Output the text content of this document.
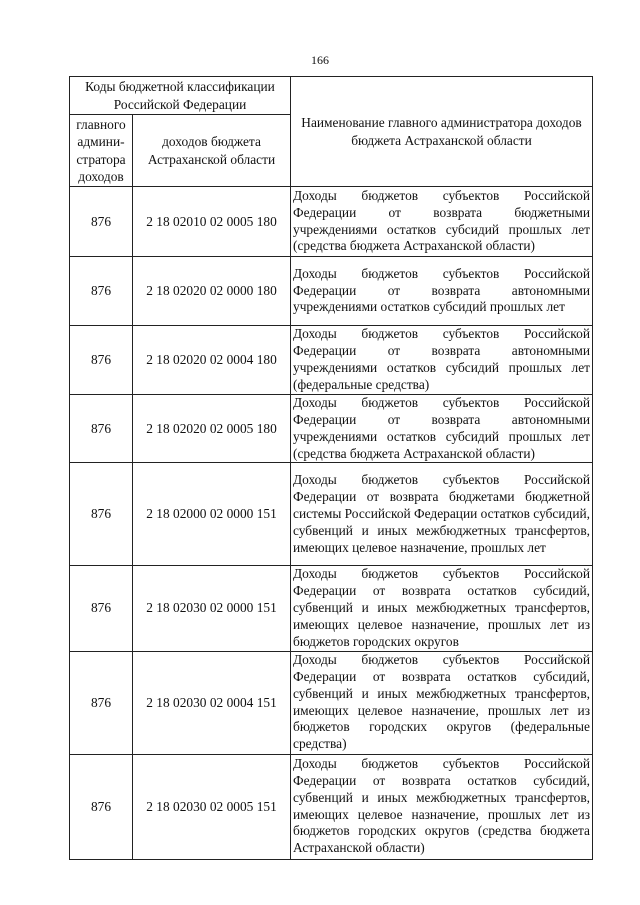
166
Коды бюджетной классификации Российской Федерации		Наименование главного администратора доходов бюджета Астраханской области
главного админи-стратора доходов	доходов бюджета Астраханской области	
876	2 18 02010 02 0005 180	Доходы бюджетов субъектов Российской Федерации от возврата бюджетными учреждениями остатков субсидий прошлых лет (средства бюджета Астраханской области)
876	2 18 02020 02 0000 180	Доходы бюджетов субъектов Российской Федерации от возврата автономными учреждениями остатков субсидий прошлых лет
876	2 18 02020 02 0004 180	Доходы бюджетов субъектов Российской Федерации от возврата автономными учреждениями остатков субсидий прошлых лет (федеральные средства)
876	2 18 02020 02 0005 180	Доходы бюджетов субъектов Российской Федерации от возврата автономными учреждениями остатков субсидий прошлых лет (средства бюджета Астраханской области)
876	2 18 02000 02 0000 151	Доходы бюджетов субъектов Российской Федерации от возврата бюджетами бюджетной системы Российской Федерации остатков субсидий, субвенций и иных межбюджетных трансфертов, имеющих целевое назначение, прошлых лет
876	2 18 02030 02 0000 151	Доходы бюджетов субъектов Российской Федерации от возврата остатков субсидий, субвенций и иных межбюджетных трансфертов, имеющих целевое назначение, прошлых лет из бюджетов городских округов
876	2 18 02030 02 0004 151	Доходы бюджетов субъектов Российской Федерации от возврата остатков субсидий, субвенций и иных межбюджетных трансфертов, имеющих целевое назначение, прошлых лет из бюджетов городских округов (федеральные средства)
876	2 18 02030 02 0005 151	Доходы бюджетов субъектов Российской Федерации от возврата остатков субсидий, субвенций и иных межбюджетных трансфертов, имеющих целевое назначение, прошлых лет из бюджетов городских округов (средства бюджета Астраханской области)
